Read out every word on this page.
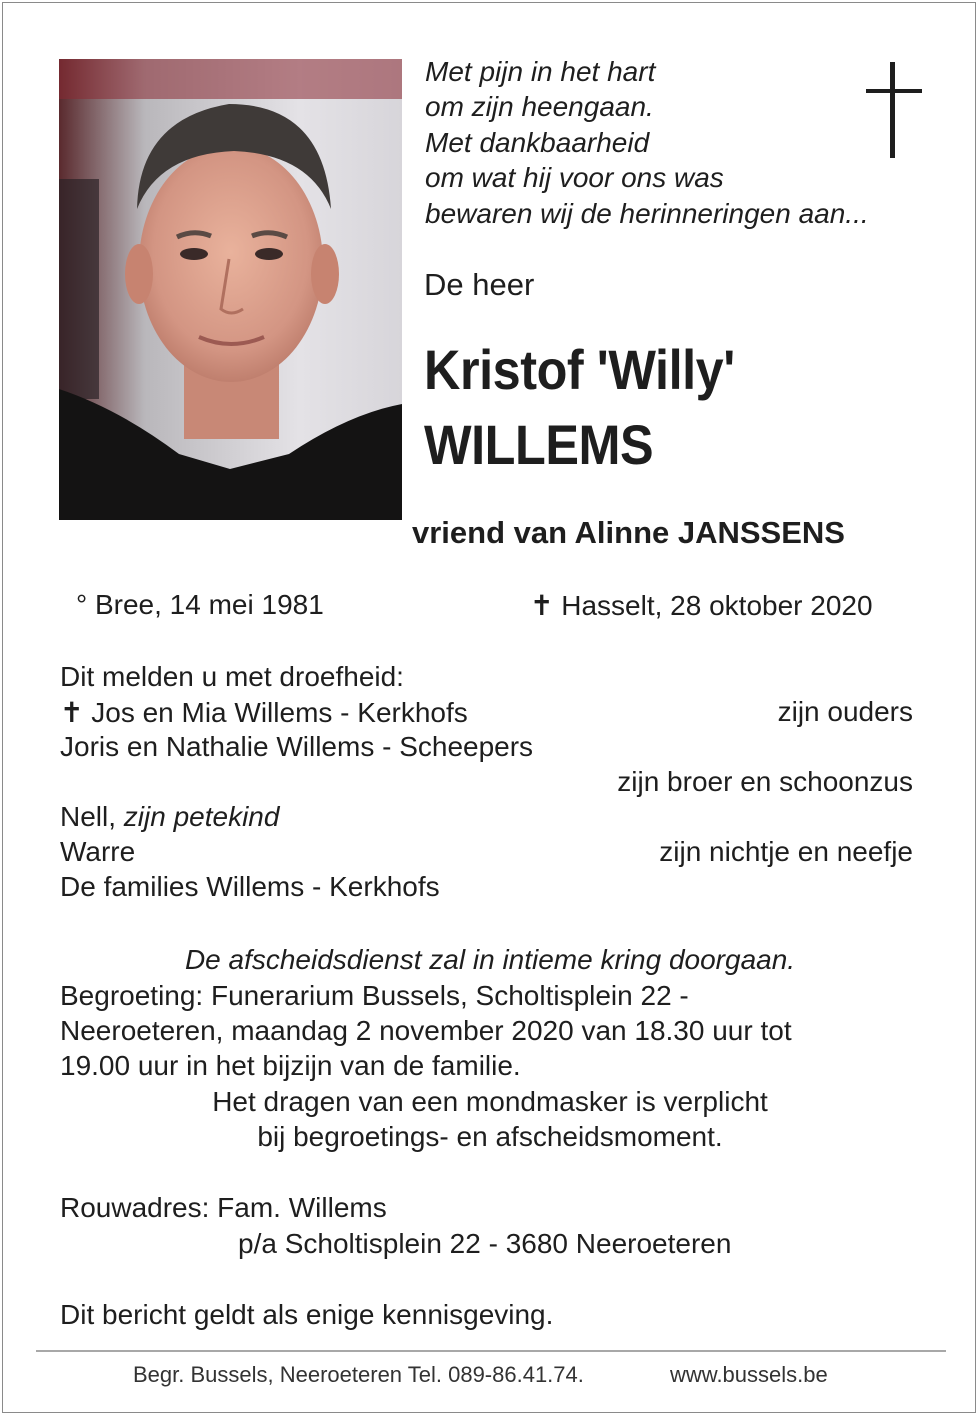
Met pijn in het hart
om zijn heengaan.
Met dankbaarheid
om wat hij voor ons was
bewaren wij de herinneringen aan...
De heer
Kristof 'Willy'
WILLEMS
vriend van Alinne JANSSENS
° Bree, 14 mei 1981	✝ Hasselt, 28 oktober 2020
Dit melden u met droefheid:
✝ Jos en Mia Willems - Kerkhofs	zijn ouders
Joris en Nathalie Willems - Scheepers
zijn broer en schoonzus
Nell, zijn petekind
Warre	zijn nichtje en neefje
De families Willems - Kerkhofs
De afscheidsdienst zal in intieme kring doorgaan.
Begroeting: Funerarium Bussels, Scholtisplein 22 -
Neeroeteren, maandag 2 november 2020 van 18.30 uur tot
19.00 uur in het bijzijn van de familie.
Het dragen van een mondmasker is verplicht
bij begroetings- en afscheidsmoment.
Rouwadres: Fam. Willems
p/a Scholtisplein 22 - 3680 Neeroeteren
Dit bericht geldt als enige kennisgeving.
Begr. Bussels, Neeroeteren Tel. 089-86.41.74.	www.bussels.be
